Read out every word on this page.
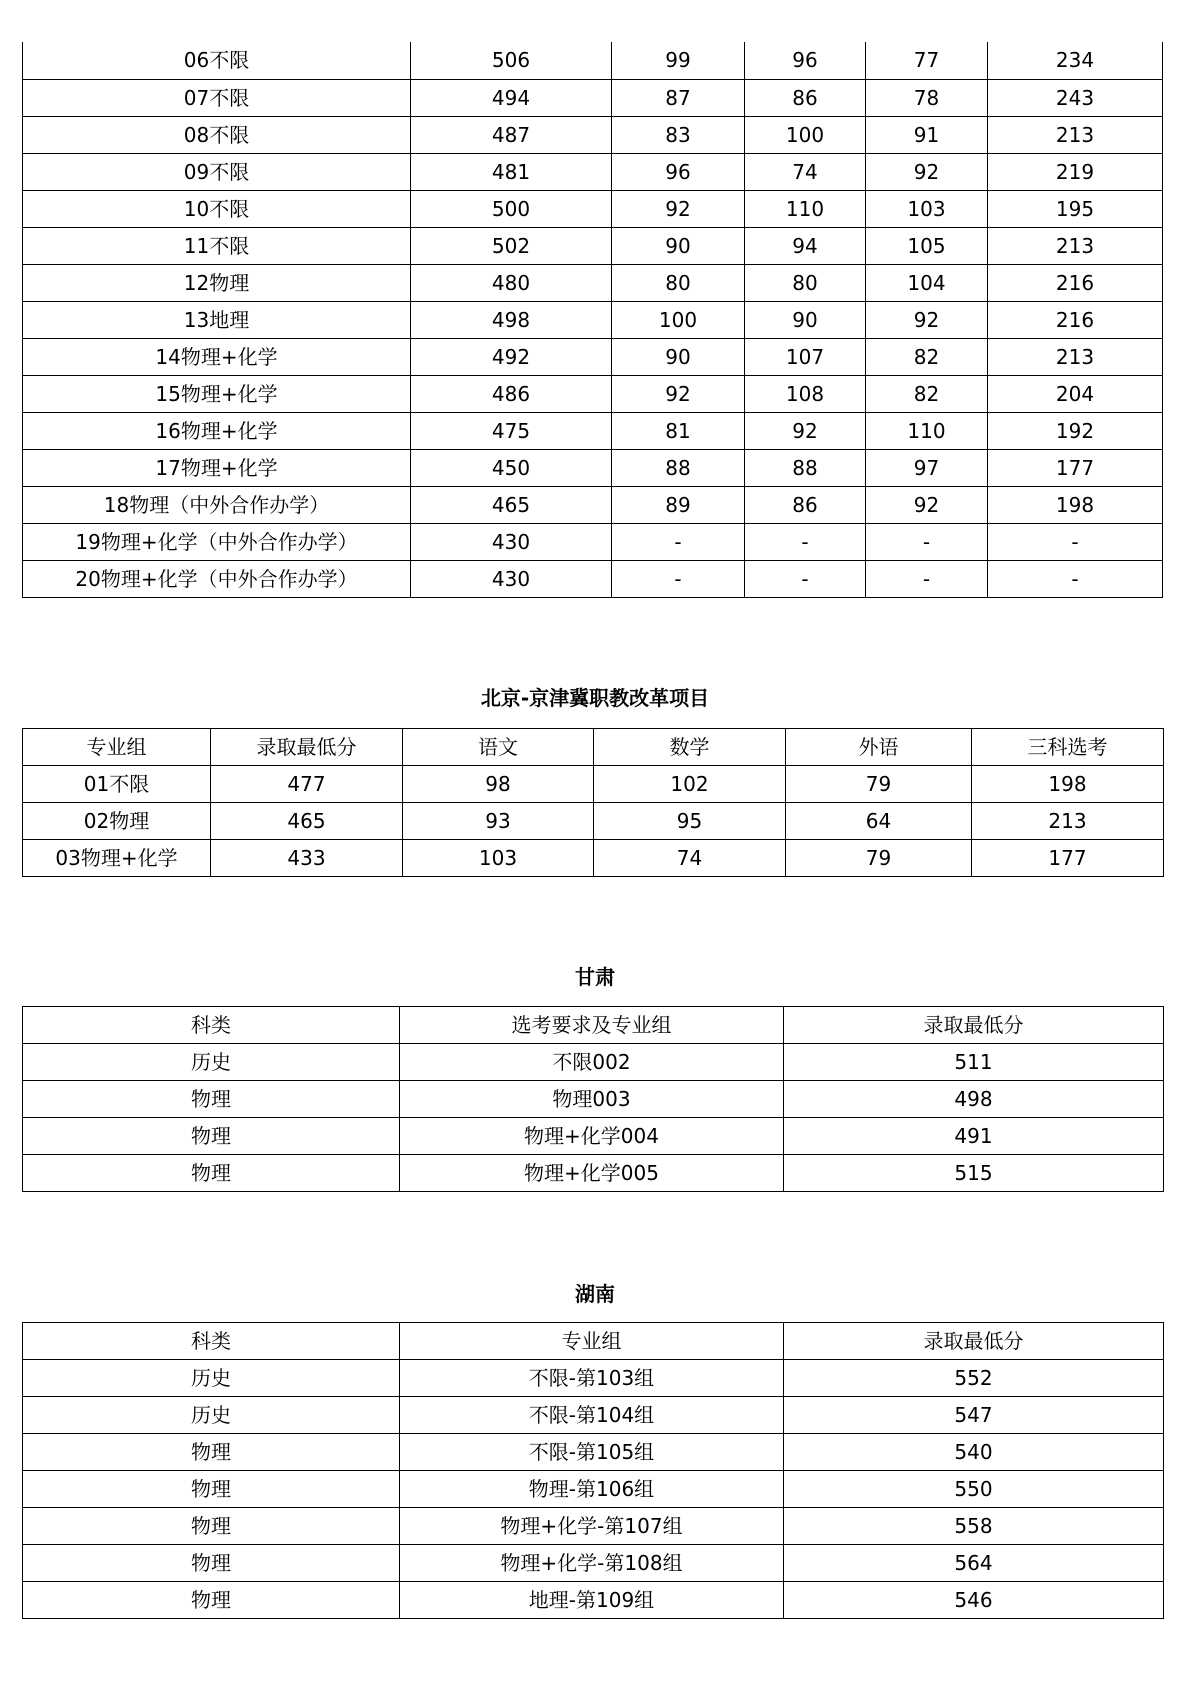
06不限	506	99	96	77	234
07不限	494	87	86	78	243
08不限	487	83	100	91	213
09不限	481	96	74	92	219
10不限	500	92	110	103	195
11不限	502	90	94	105	213
12物理	480	80	80	104	216
13地理	498	100	90	92	216
14物理+化学	492	90	107	82	213
15物理+化学	486	92	108	82	204
16物理+化学	475	81	92	110	192
17物理+化学	450	88	88	97	177
18物理（中外合作办学）	465	89	86	92	198
19物理+化学（中外合作办学）	430	-	-	-	-
20物理+化学（中外合作办学）	430	-	-	-	-
北京-京津冀职教改革项目
专业组	录取最低分	语文	数学	外语	三科选考
01不限	477	98	102	79	198
02物理	465	93	95	64	213
03物理+化学	433	103	74	79	177
甘肃
科类	选考要求及专业组	录取最低分
历史	不限002	511
物理	物理003	498
物理	物理+化学004	491
物理	物理+化学005	515
湖南
科类	专业组	录取最低分
历史	不限-第103组	552
历史	不限-第104组	547
物理	不限-第105组	540
物理	物理-第106组	550
物理	物理+化学-第107组	558
物理	物理+化学-第108组	564
物理	地理-第109组	546
